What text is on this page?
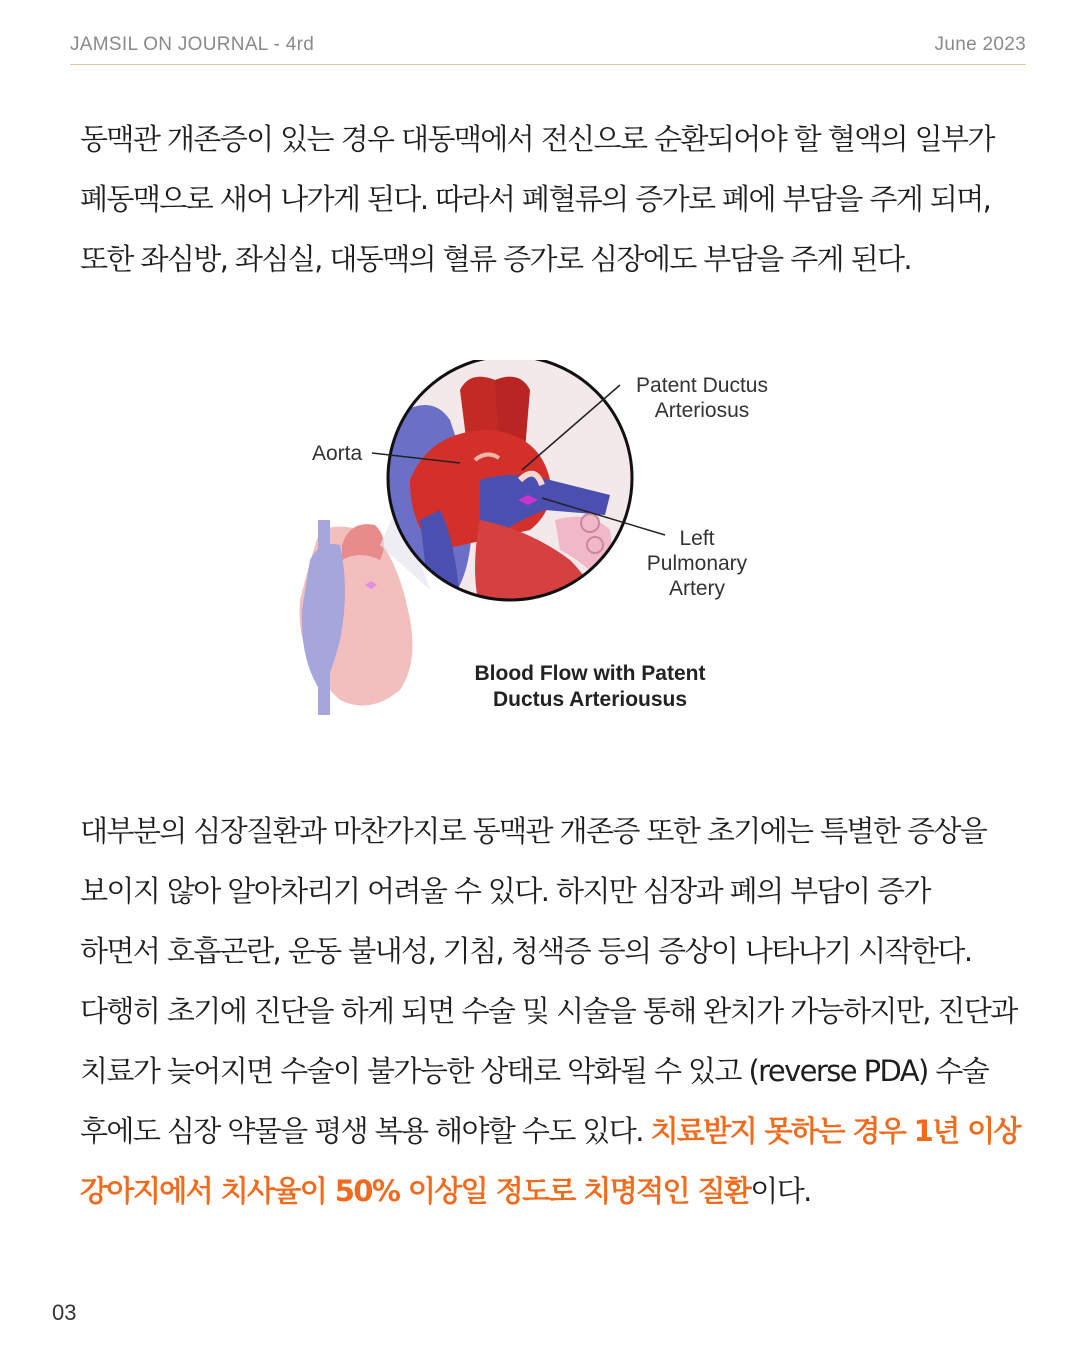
JAMSIL ON JOURNAL - 4rd	June 2023

동맥관 개존증이 있는 경우 대동맥에서 전신으로 순환되어야 할 혈액의 일부가
폐동맥으로 새어 나가게 된다. 따라서 폐혈류의 증가로 폐에 부담을 주게 되며,
또한 좌심방, 좌심실, 대동맥의 혈류 증가로 심장에도 부담을 주게 된다.

Aorta
Patent Ductus
Arteriosus
Left
Pulmonary
Artery
Blood Flow with Patent
Ductus Arteriousus

대부분의 심장질환과 마찬가지로 동맥관 개존증 또한 초기에는 특별한 증상을
보이지 않아 알아차리기 어려울 수 있다. 하지만 심장과 폐의 부담이 증가
하면서 호흡곤란, 운동 불내성, 기침, 청색증 등의 증상이 나타나기 시작한다.
다행히 초기에 진단을 하게 되면 수술 및 시술을 통해 완치가 가능하지만, 진단과
치료가 늦어지면 수술이 불가능한 상태로 악화될 수 있고 (reverse PDA) 수술
후에도 심장 약물을 평생 복용 해야할 수도 있다. 치료받지 못하는 경우 1년 이상
강아지에서 치사율이 50% 이상일 정도로 치명적인 질환이다.

03
